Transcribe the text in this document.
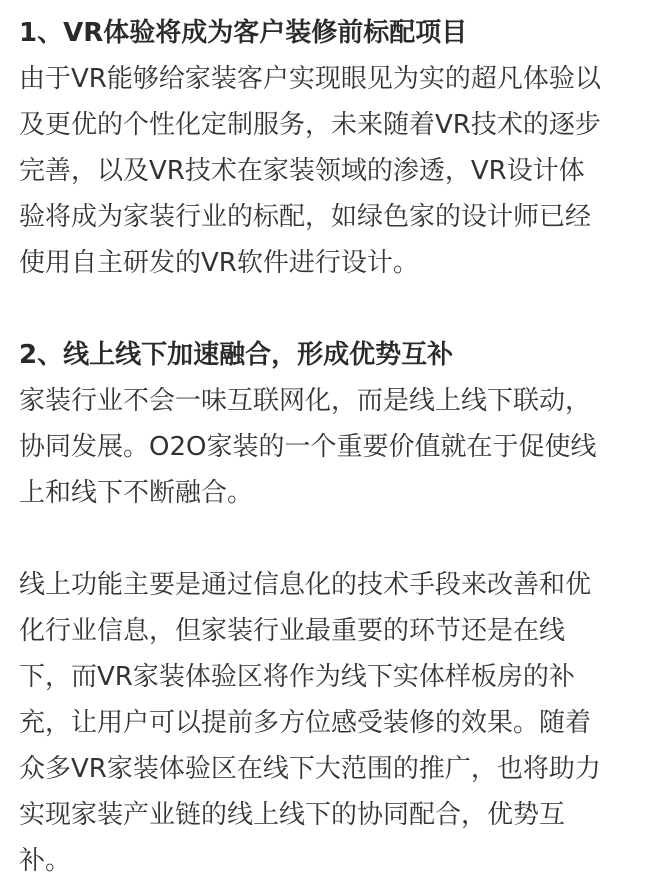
1、VR体验将成为客户装修前标配项目

由于VR能够给家装客户实现眼见为实的超凡体验以
及更优的个性化定制服务，未来随着VR技术的逐步
完善，以及VR技术在家装领域的渗透，VR设计体
验将成为家装行业的标配，如绿色家的设计师已经
使用自主研发的VR软件进行设计。

2、线上线下加速融合，形成优势互补

家装行业不会一味互联网化，而是线上线下联动，
协同发展。O2O家装的一个重要价值就在于促使线
上和线下不断融合。

线上功能主要是通过信息化的技术手段来改善和优
化行业信息，但家装行业最重要的环节还是在线
下，而VR家装体验区将作为线下实体样板房的补
充，让用户可以提前多方位感受装修的效果。随着
众多VR家装体验区在线下大范围的推广，也将助力
实现家装产业链的线上线下的协同配合，优势互
补。
